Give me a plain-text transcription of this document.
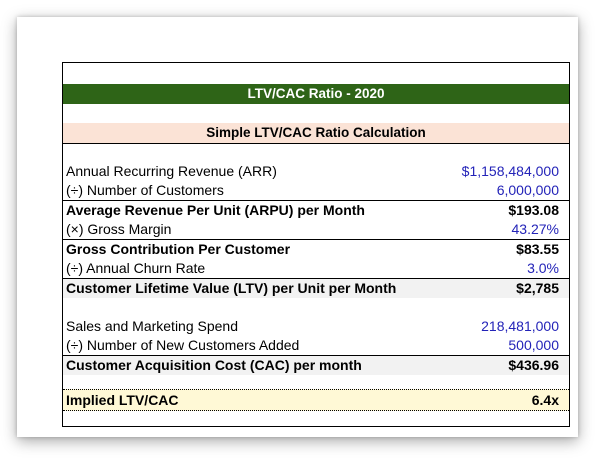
LTV/CAC Ratio - 2020
Simple LTV/CAC Ratio Calculation
Annual Recurring Revenue (ARR)	$1,158,484,000
(÷) Number of Customers	6,000,000
Average Revenue Per Unit (ARPU) per Month	$193.08
(×) Gross Margin	43.27%
Gross Contribution Per Customer	$83.55
(÷) Annual Churn Rate	3.0%
Customer Lifetime Value (LTV) per Unit per Month	$2,785
Sales and Marketing Spend	218,481,000
(÷) Number of New Customers Added	500,000
Customer Acquisition Cost (CAC) per month	$436.96
Implied LTV/CAC	6.4x
